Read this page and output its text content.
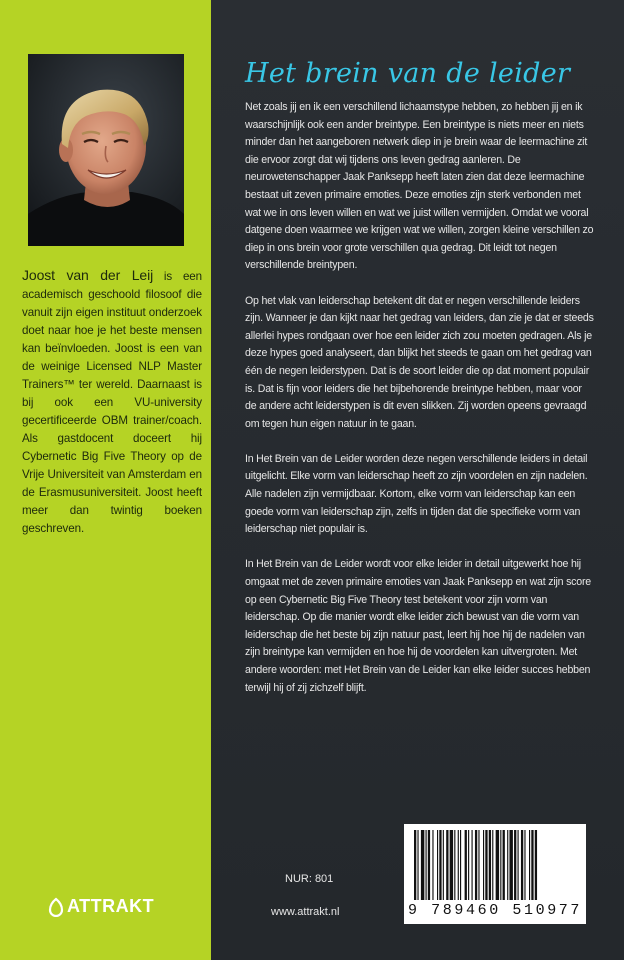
Joost van der Leij is een academisch geschoold filosoof die vanuit zijn eigen instituut onderzoek doet naar hoe je het beste mensen kan beïnvloeden. Joost is een van de weinige Licensed NLP Master Trainers™ ter wereld. Daarnaast is bij ook een VU-university gecertificeerde OBM trainer/coach. Als gastdocent doceert hij Cybernetic Big Five Theory op de Vrije Universiteit van Amsterdam en de Erasmusuniversiteit. Joost heeft meer dan twintig boeken geschreven.

ATTRAKT
Het brein van de leider

Net zoals jij en ik een verschillend lichaamstype hebben, zo hebben jij en ik waarschijnlijk ook een ander breintype. Een breintype is niets meer en niets minder dan het aangeboren netwerk diep in je brein waar de leermachine zit die ervoor zorgt dat wij tijdens ons leven gedrag aanleren. De neurowetenschapper Jaak Panksepp heeft laten zien dat deze leermachine bestaat uit zeven primaire emoties. Deze emoties zijn sterk verbonden met wat we in ons leven willen en wat we juist willen vermijden. Omdat we vooral datgene doen waarmee we krijgen wat we willen, zorgen kleine verschillen zo diep in ons brein voor grote verschillen qua gedrag. Dit leidt tot negen verschillende breintypen.

Op het vlak van leiderschap betekent dit dat er negen verschillende leiders zijn. Wanneer je dan kijkt naar het gedrag van leiders, dan zie je dat er steeds allerlei hypes rondgaan over hoe een leider zich zou moeten gedragen. Als je deze hypes goed analyseert, dan blijkt het steeds te gaan om het gedrag van één de negen leiderstypen. Dat is de soort leider die op dat moment populair is. Dat is fijn voor leiders die het bijbehorende breintype hebben, maar voor de andere acht leiderstypen is dit even slikken. Zij worden opeens gevraagd om tegen hun eigen natuur in te gaan.

In Het Brein van de Leider worden deze negen verschillende leiders in detail uitgelicht. Elke vorm van leiderschap heeft zo zijn voordelen en zijn nadelen. Alle nadelen zijn vermijdbaar. Kortom, elke vorm van leiderschap kan een goede vorm van leiderschap zijn, zelfs in tijden dat die specifieke vorm van leiderschap niet populair is.

In Het Brein van de Leider wordt voor elke leider in detail uitgewerkt hoe hij omgaat met de zeven primaire emoties van Jaak Panksepp en wat zijn score op een Cybernetic Big Five Theory test betekent voor zijn vorm van leiderschap. Op die manier wordt elke leider zich bewust van die vorm van leiderschap die het beste bij zijn natuur past, leert hij hoe hij de nadelen van zijn breintype kan vermijden en hoe hij de voordelen kan uitvergroten. Met andere woorden: met Het Brein van de Leider kan elke leider succes hebben terwijl hij of zij zichzelf blijft.

NUR: 801
www.attrakt.nl	9 789460 510977
